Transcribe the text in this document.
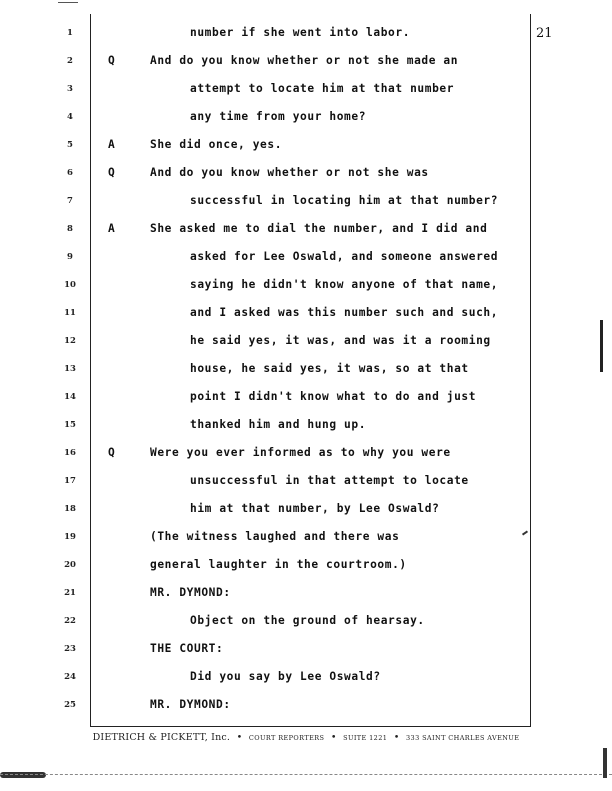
21
1	number if she went into labor.
2	Q	And do you know whether or not she made an
3	attempt to locate him at that number
4	any time from your home?
5	A	She did once, yes.
6	Q	And do you know whether or not she was
7	successful in locating him at that number?
8	A	She asked me to dial the number, and I did and
9	asked for Lee Oswald, and someone answered
10	saying he didn't know anyone of that name,
11	and I asked was this number such and such,
12	he said yes, it was, and was it a rooming
13	house, he said yes, it was, so at that
14	point I didn't know what to do and just
15	thanked him and hung up.
16	Q	Were you ever informed as to why you were
17	unsuccessful in that attempt to locate
18	him at that number, by Lee Oswald?
19	(The witness laughed and there was
20	general laughter in the courtroom.)
21	MR. DYMOND:
22	Object on the ground of hearsay.
23	THE COURT:
24	Did you say by Lee Oswald?
25	MR. DYMOND:
DIETRICH & PICKETT, Inc. • COURT REPORTERS • SUITE 1221 • 333 SAINT CHARLES AVENUE
